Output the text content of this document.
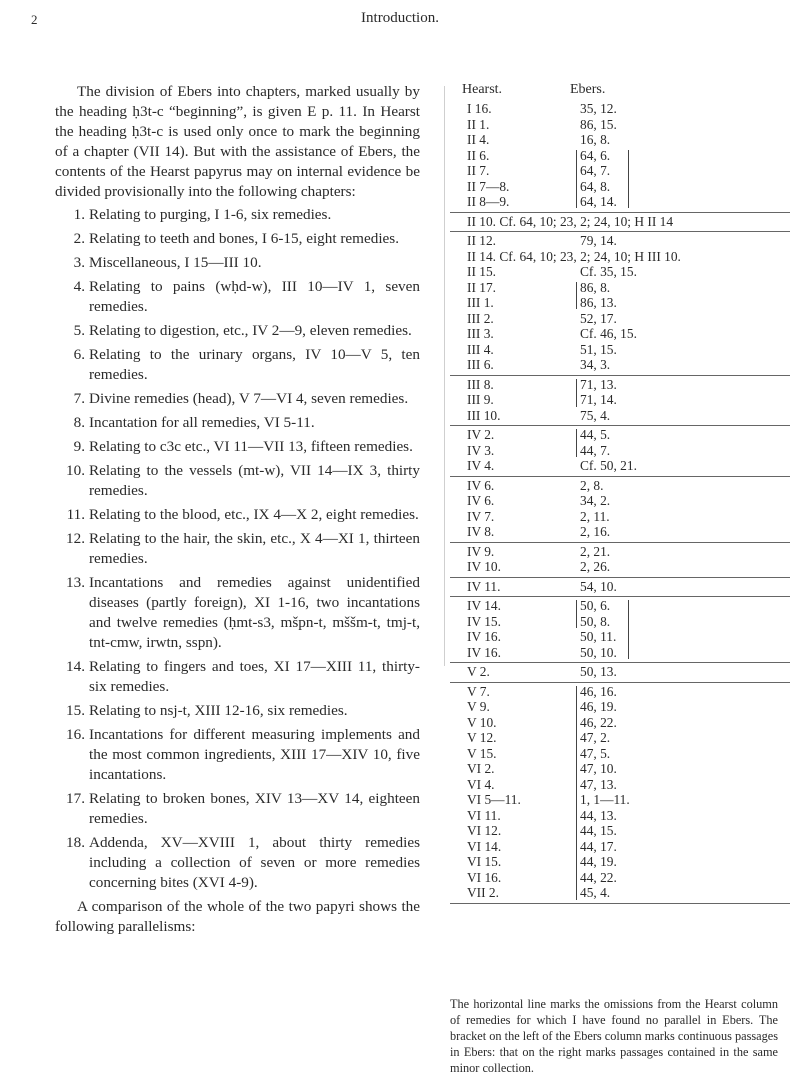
2	Introduction.

The division of Ebers into chapters, marked usually by the heading ḥ3t-c “beginning”, is given E p. 11. In Hearst the heading ḥ3t-c is used only once to mark the beginning of a chapter (VII 14). But with the assistance of Ebers, the contents of the Hearst papyrus may on internal evidence be divided provisionally into the following chapters:

1. Relating to purging, I 1-6, six remedies.
2. Relating to teeth and bones, I 6-15, eight remedies.
3. Miscellaneous, I 15—III 10.
4. Relating to pains (wḥd-w), III 10—IV 1, seven remedies.
5. Relating to digestion, etc., IV 2—9, eleven remedies.
6. Relating to the urinary organs, IV 10—V 5, ten remedies.
7. Divine remedies (head), V 7—VI 4, seven remedies.
8. Incantation for all remedies, VI 5-11.
9. Relating to c3c etc., VI 11—VII 13, fifteen remedies.
10. Relating to the vessels (mt-w), VII 14—IX 3, thirty remedies.
11. Relating to the blood, etc., IX 4—X 2, eight remedies.
12. Relating to the hair, the skin, etc., X 4—XI 1, thirteen remedies.
13. Incantations and remedies against unidentified diseases (partly foreign), XI 1-16, two incantations and twelve remedies (ḥmt-s3, mšpn-t, mššm-t, tmj-t, tnt-cmw, irwtn, sspn).
14. Relating to fingers and toes, XI 17—XIII 11, thirty-six remedies.
15. Relating to nsj-t, XIII 12-16, six remedies.
16. Incantations for different measuring implements and the most common ingredients, XIII 17—XIV 10, five incantations.
17. Relating to broken bones, XIV 13—XV 14, eighteen remedies.
18. Addenda, XV—XVIII 1, about thirty remedies including a collection of seven or more remedies concerning bites (XVI 4-9).

A comparison of the whole of the two papyri shows the following parallelisms:

Hearst.	Ebers.
I 16.	35, 12.
II 1.	86, 15.
II 4.	16, 8.
II 6.	64, 6.
II 7.	64, 7.
II 7—8.	64, 8.
II 8—9.	64, 14.
II 10. Cf. 64, 10; 23, 2; 24, 10; H II 14
II 12.	79, 14.
II 14. Cf. 64, 10; 23, 2; 24, 10; H III 10.
II 15.	Cf. 35, 15.
II 17.	86, 8.
III 1.	86, 13.
III 2.	52, 17.
III 3.	Cf. 46, 15.
III 4.	51, 15.
III 6.	34, 3.
III 8.	71, 13.
III 9.	71, 14.
III 10.	75, 4.
IV 2.	44, 5.
IV 3.	44, 7.
IV 4.	Cf. 50, 21.
IV 6.	2, 8.
IV 6.	34, 2.
IV 7.	2, 11.
IV 8.	2, 16.
IV 9.	2, 21.
IV 10.	2, 26.
IV 11.	54, 10.
IV 14.	50, 6.
IV 15.	50, 8.
IV 16.	50, 11.
IV 16.	50, 10.
V 2.	50, 13.
V 7.	46, 16.
V 9.	46, 19.
V 10.	46, 22.
V 12.	47, 2.
V 15.	47, 5.
VI 2.	47, 10.
VI 4.	47, 13.
VI 5—11.	1, 1—11.
VI 11.	44, 13.
VI 12.	44, 15.
VI 14.	44, 17.
VI 15.	44, 19.
VI 16.	44, 22.
VII 2.	45, 4.
The horizontal line marks the omissions from the Hearst column of remedies for which I have found no parallel in Ebers. The bracket on the left of the Ebers column marks continuous passages in Ebers: that on the right marks passages contained in the same minor collection.
